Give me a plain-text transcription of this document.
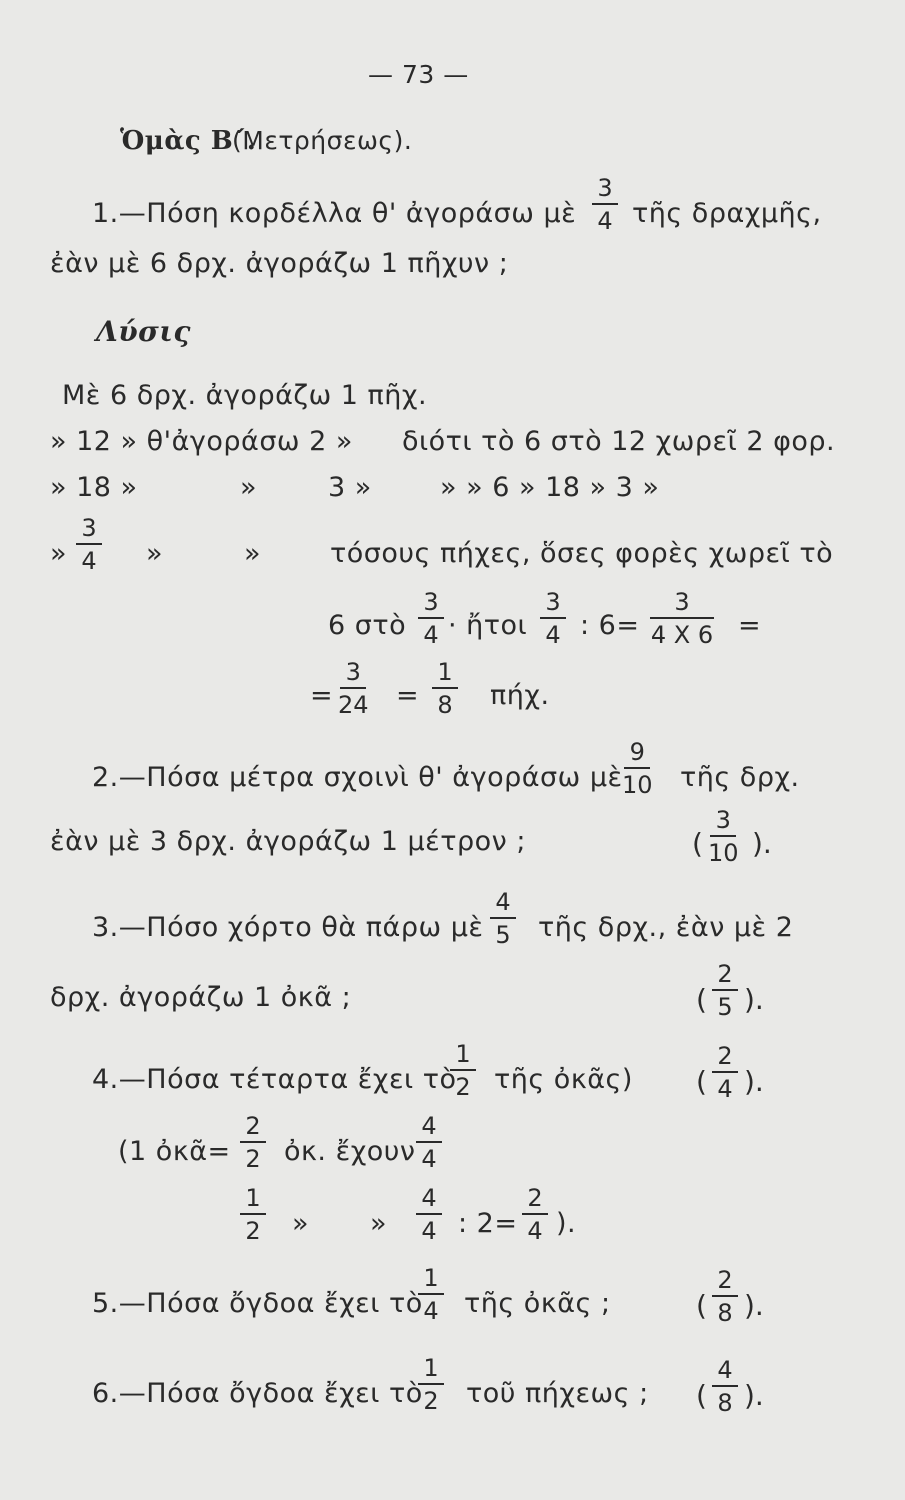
— 73 —
Ὁμὰς Β΄.
(Μετρήσεως).
1.—Πόση κορδέλλα θ' ἀγοράσω μὲ $\frac{3}{4}$ τῆς δραχμῆς,
ἐὰν μὲ 6 δρχ. ἀγοράζω 1 πῆχυν ;
Λύσις
Μὲ 6 δρχ. ἀγοράζω 1 πῆχ.
» 12 » θ'ἀγοράσω 2 » διότι τὸ 6 στὸ 12 χωρεῖ 2 φορ.
» 18 »	»	3 »	» » 6 » 18 » 3 »
» $\frac{3}{4}$ »	»	τόσους πήχες, ὅσες φορὲς χωρεῖ τὸ
6 στὸ $\frac{3}{4}$ · ἤτοι $\frac{3}{4}$ : $6= \frac{3}{4 X 6}$ =
= $\frac{3}{24} = \frac{1}{8} \pi ή\chi$.
2.—Πόσα μέτρα σχοινὶ θ' ἀγοράσω μὲ $\frac{9}{10}$ τῆς δρχ.
ἐὰν μὲ 3 δρχ. ἀγοράζω 1 μέτρον ;	( $\frac{3}{10}$ ).
3.—Πόσο χόρτο θὰ πάρω μὲ $\frac{4}{5}$ τῆς δρχ., ἐὰν μὲ 2
δρχ. ἀγοράζω 1 ὀκᾶ ;	( $\frac{2}{5}$ ).
4.—Πόσα τέταρτα ἔχει τὸ
$\frac{1}{2}$ τῆς ὀκᾶς) ( $\frac{2}{4}$ ).
(1 ὀκᾶ= $\frac{2}{2}$ ὀκ. ἔχουν $\frac{4}{4}$
$\frac{1}{2}$ » » $\frac{4}{4}$ : $2= \frac{2}{4}$ ).
5.—Πόσα ὄγδοα ἔχει τὸ
$\frac{1}{4}$ τῆς ὀκᾶς ;	( $\frac{2}{8}$ ).
6.—Πόσα ὄγδοα ἔχει τὸ
$\frac{1}{2}$ τοῦ πήχεως ; ( $\frac{4}{8}$ ).
